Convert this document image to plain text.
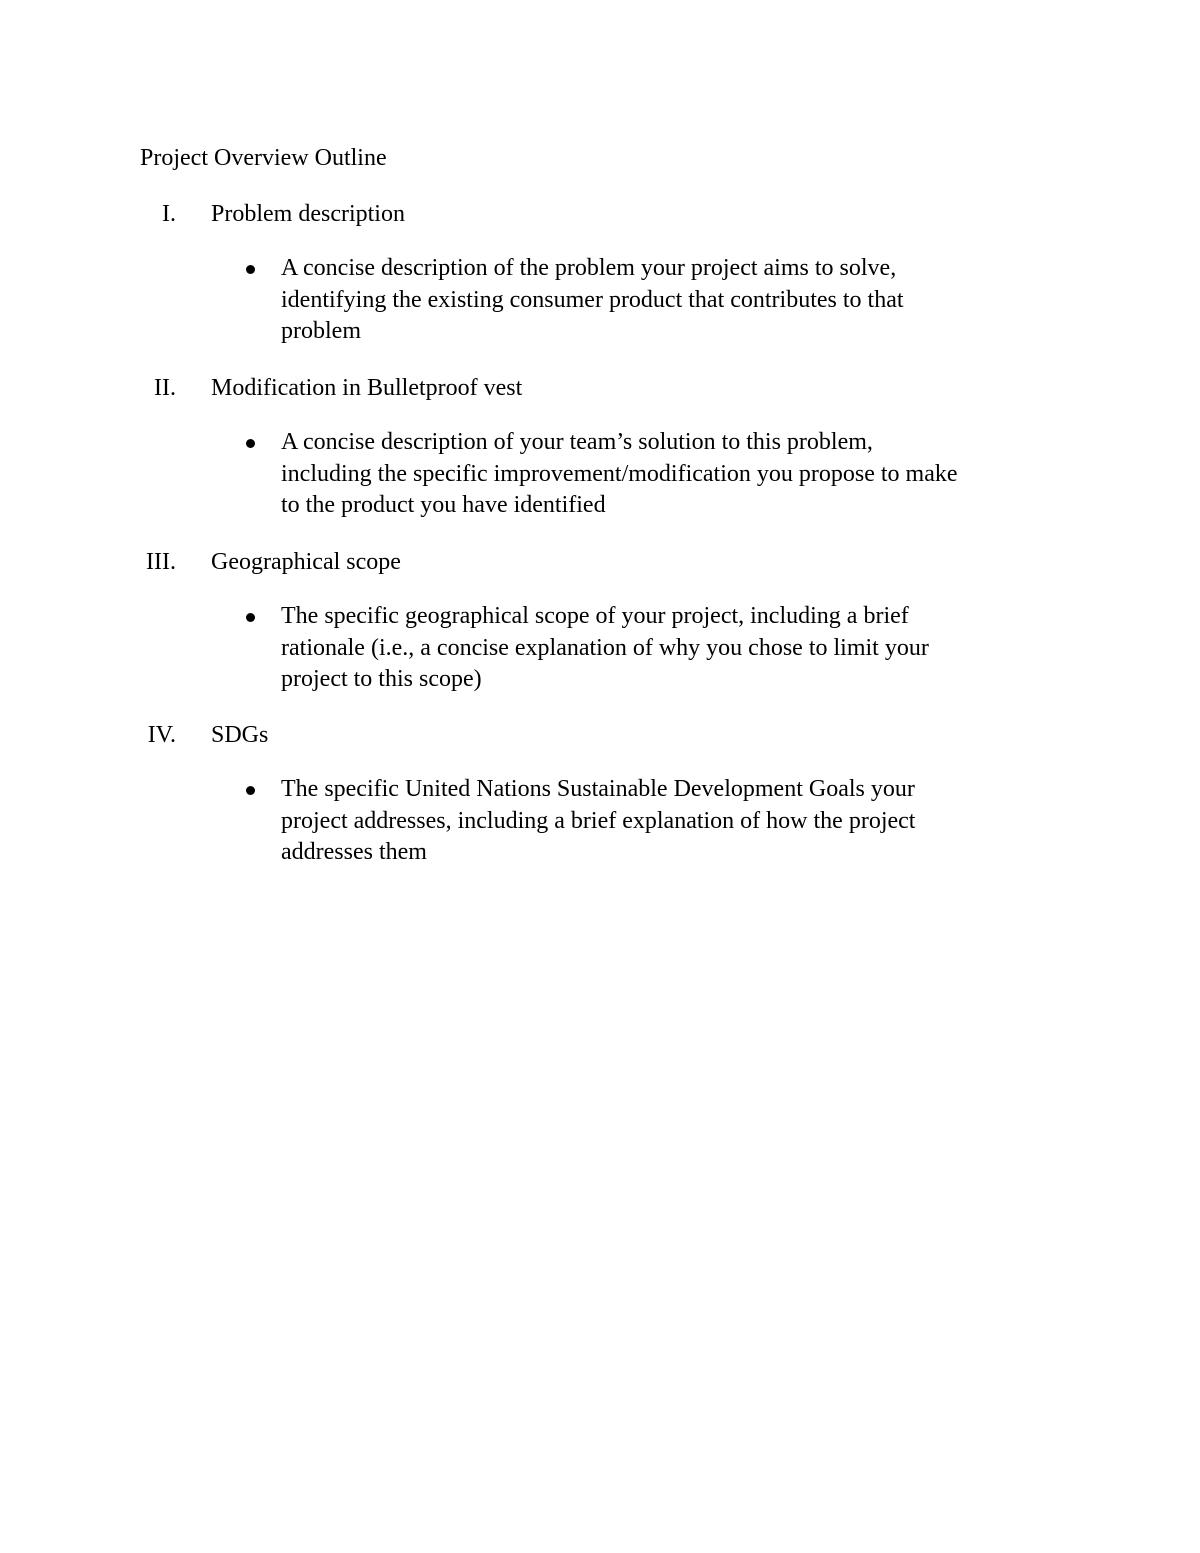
Project Overview Outline
I. Problem description
A concise description of the problem your project aims to solve,
identifying the existing consumer product that contributes to that
problem
II. Modification in Bulletproof vest
A concise description of your team’s solution to this problem,
including the specific improvement/modification you propose to make
to the product you have identified
III. Geographical scope
The specific geographical scope of your project, including a brief
rationale (i.e., a concise explanation of why you chose to limit your
project to this scope)
IV. SDGs
The specific United Nations Sustainable Development Goals your
project addresses, including a brief explanation of how the project
addresses them
